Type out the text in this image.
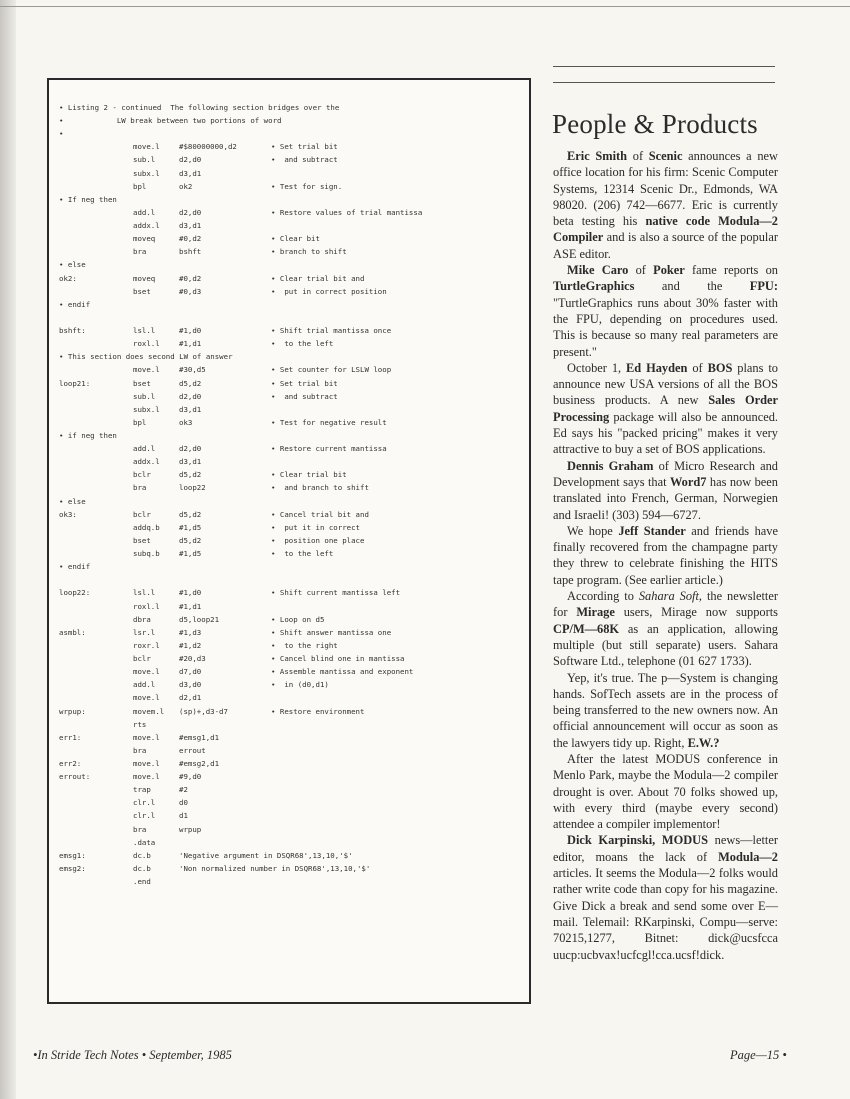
• Listing 2 - continued  The following section bridges over the
•            LW break between two portions of word
•
move.l	#$80000000,d2	• Set trial bit
sub.l	d2,d0	•  and subtract
subx.l	d3,d1
bpl	ok2	• Test for sign.
• If neg then
add.l	d2,d0	• Restore values of trial mantissa
addx.l	d3,d1
moveq	#0,d2	• Clear bit
bra	bshft	• branch to shift
• else
ok2:	moveq	#0,d2	• Clear trial bit and
bset	#0,d3	•  put in correct position
• endif
bshft:	lsl.l	#1,d0	• Shift trial mantissa once
roxl.l	#1,d1	•  to the left
• This section does second LW of answer
move.l	#30,d5	• Set counter for LSLW loop
loop21:	bset	d5,d2	• Set trial bit
sub.l	d2,d0	•  and subtract
subx.l	d3,d1
bpl	ok3	• Test for negative result
• if neg then
add.l	d2,d0	• Restore current mantissa
addx.l	d3,d1
bclr	d5,d2	• Clear trial bit
bra	loop22	•  and branch to shift
• else
ok3:	bclr	d5,d2	• Cancel trial bit and
addq.b	#1,d5	•  put it in correct
bset	d5,d2	•  position one place
subq.b	#1,d5	•  to the left
• endif
loop22:	lsl.l	#1,d0	• Shift current mantissa left
roxl.l	#1,d1
dbra	d5,loop21	• Loop on d5
asmbl:	lsr.l	#1,d3	• Shift answer mantissa one
roxr.l	#1,d2	•  to the right
bclr	#20,d3	• Cancel blind one in mantissa
move.l	d7,d0	• Assemble mantissa and exponent
add.l	d3,d0	•  in (d0,d1)
move.l	d2,d1
wrpup:	movem.l (sp)+,d3-d7	• Restore environment
rts
err1:	move.l	#emsg1,d1
bra	errout
err2:	move.l	#emsg2,d1
errout:	move.l	#9,d0
trap	#2
clr.l	d0
clr.l	d1
bra	wrpup
.data
emsg1:	dc.b	'Negative argument in DSQR68',13,10,'$'
emsg2:	dc.b	'Non normalized number in DSQR68',13,10,'$'
.end
People & Products

Eric Smith of Scenic announces a new office location for his firm: Scenic Computer Systems, 12314 Scenic Dr., Edmonds, WA 98020. (206) 742—6677. Eric is currently beta testing his native code Modula—2 Compiler and is also a source of the popular ASE editor.

Mike Caro of Poker fame reports on TurtleGraphics and the FPU: "TurtleGraphics runs about 30% faster with the FPU, depending on procedures used. This is because so many real parameters are present."

October 1, Ed Hayden of BOS plans to announce new USA versions of all the BOS business products. A new Sales Order Processing package will also be announced. Ed says his "packed pricing" makes it very attractive to buy a set of BOS applications.

Dennis Graham of Micro Research and Development says that Word7 has now been translated into French, German, Norwegien and Israeli! (303) 594—6727.

We hope Jeff Stander and friends have finally recovered from the champagne party they threw to celebrate finishing the HITS tape program. (See earlier article.)

According to Sahara Soft, the newsletter for Mirage users, Mirage now supports CP/M—68K as an application, allowing multiple (but still separate) users. Sahara Software Ltd., telephone (01 627 1733).

Yep, it's true. The p—System is changing hands. SofTech assets are in the process of being transferred to the new owners now. An official announcement will occur as soon as the lawyers tidy up. Right, E.W.?

After the latest MODUS conference in Menlo Park, maybe the Modula—2 compiler drought is over. About 70 folks showed up, with every third (maybe every second) attendee a compiler implementor!

Dick Karpinski, MODUS news—letter editor, moans the lack of Modula—2 articles. It seems the Modula—2 folks would rather write code than copy for his magazine. Give Dick a break and send some over E—mail. Telemail: RKarpinski, Compu—serve: 70215,1277, Bitnet: dick@ucsfcca uucp:ucbvax!ucfcgl!cca.ucsf!dick.

•In Stride Tech Notes • September, 1985	Page—15 •
